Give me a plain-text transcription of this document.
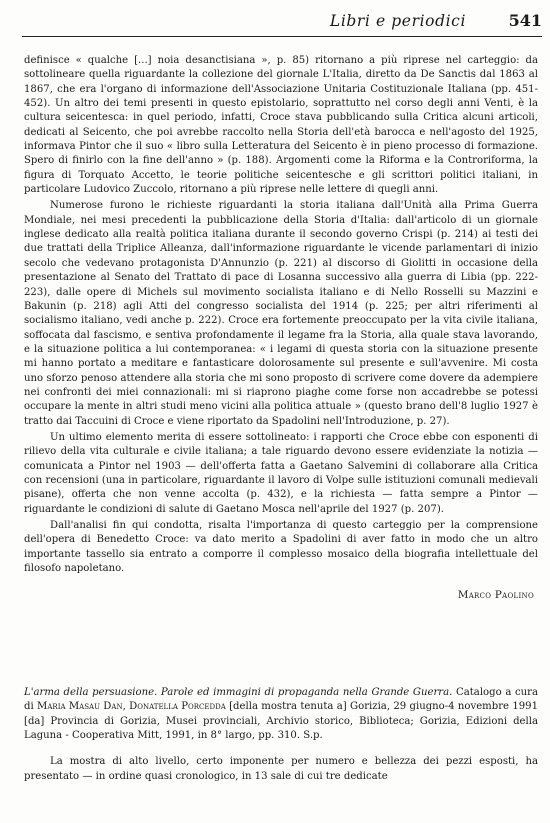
Libri e periodici	541

definisce « qualche [...] noia desanctisiana », p. 85) ritornano a più riprese nel carteggio: da sottolineare quella riguardante la collezione del giornale L'Italia, diretto da De Sanctis dal 1863 al 1867, che era l'organo di informazione dell'Associazione Unitaria Costituzionale Italiana (pp. 451-452). Un altro dei temi presenti in questo epistolario, soprattutto nel corso degli anni Venti, è la cultura seicentesca: in quel periodo, infatti, Croce stava pubblicando sulla Critica alcuni articoli, dedicati al Seicento, che poi avrebbe raccolto nella Storia dell'età barocca e nell'agosto del 1925, informava Pintor che il suo « libro sulla Letteratura del Seicento è in pieno processo di formazione. Spero di finirlo con la fine dell'anno » (p. 188). Argomenti come la Riforma e la Controriforma, la figura di Torquato Accetto, le teorie politiche seicentesche e gli scrittori politici italiani, in particolare Ludovico Zuccolo, ritornano a più riprese nelle lettere di quegli anni.

Numerose furono le richieste riguardanti la storia italiana dall'Unità alla Prima Guerra Mondiale, nei mesi precedenti la pubblicazione della Storia d'Italia: dall'articolo di un giornale inglese dedicato alla realtà politica italiana durante il secondo governo Crispi (p. 214) ai testi dei due trattati della Triplice Alleanza, dall'informazione riguardante le vicende parlamentari di inizio secolo che vedevano protagonista D'Annunzio (p. 221) al discorso di Giolitti in occasione della presentazione al Senato del Trattato di pace di Losanna successivo alla guerra di Libia (pp. 222-223), dalle opere di Michels sul movimento socialista italiano e di Nello Rosselli su Mazzini e Bakunin (p. 218) agli Atti del congresso socialista del 1914 (p. 225; per altri riferimenti al socialismo italiano, vedi anche p. 222). Croce era fortemente preoccupato per la vita civile italiana, soffocata dal fascismo, e sentiva profondamente il legame fra la Storia, alla quale stava lavorando, e la situazione politica a lui contemporanea: « i legami di questa storia con la situazione presente mi hanno portato a meditare e fantasticare dolorosamente sul presente e sull'avvenire. Mi costa uno sforzo penoso attendere alla storia che mi sono proposto di scrivere come dovere da adempiere nei confronti dei miei connazionali: mi si riaprono piaghe come forse non accadrebbe se potessi occupare la mente in altri studi meno vicini alla politica attuale » (questo brano dell'8 luglio 1927 è tratto dai Taccuini di Croce e viene riportato da Spadolini nell'Introduzione, p. 27).

Un ultimo elemento merita di essere sottolineato: i rapporti che Croce ebbe con esponenti di rilievo della vita culturale e civile italiana; a tale riguardo devono essere evidenziate la notizia — comunicata a Pintor nel 1903 — dell'offerta fatta a Gaetano Salvemini di collaborare alla Critica con recensioni (una in particolare, riguardante il lavoro di Volpe sulle istituzioni comunali medievali pisane), offerta che non venne accolta (p. 432), e la richiesta — fatta sempre a Pintor — riguardante le condizioni di salute di Gaetano Mosca nell'aprile del 1927 (p. 207).

Dall'analisi fin qui condotta, risalta l'importanza di questo carteggio per la comprensione dell'opera di Benedetto Croce: va dato merito a Spadolini di aver fatto in modo che un altro importante tassello sia entrato a comporre il complesso mosaico della biografia intellettuale del filosofo napoletano.

Marco Paolino

L'arma della persuasione. Parole ed immagini di propaganda nella Grande Guerra. Catalogo a cura di Maria Masau Dan, Donatella Porcedda [della mostra tenuta a] Gorizia, 29 giugno-4 novembre 1991 [da] Provincia di Gorizia, Musei provinciali, Archivio storico, Biblioteca; Gorizia, Edizioni della Laguna - Cooperativa Mitt, 1991, in 8° largo, pp. 310. S.p.

La mostra di alto livello, certo imponente per numero e bellezza dei pezzi esposti, ha presentato — in ordine quasi cronologico, in 13 sale di cui tre dedicate
